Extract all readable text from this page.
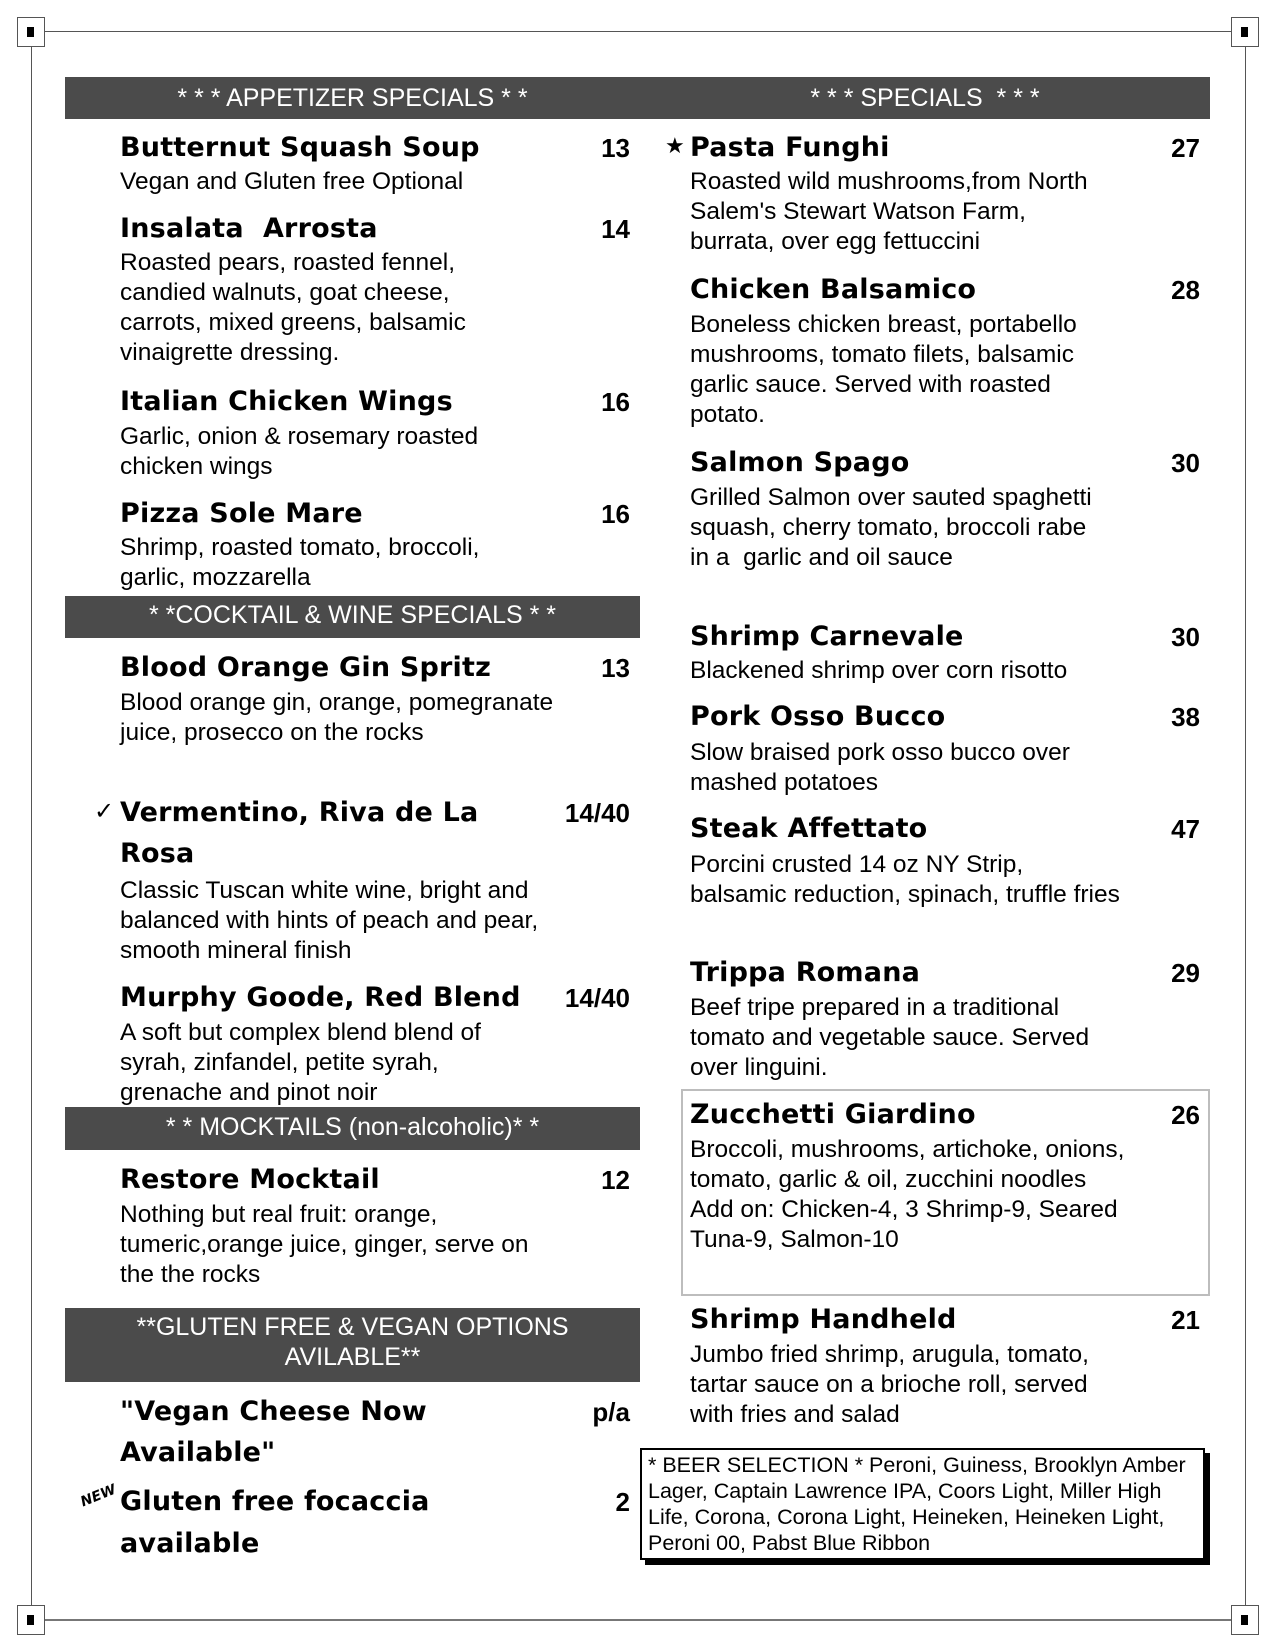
* * * APPETIZER SPECIALS * *
Butternut Squash Soup	13
Vegan and Gluten free Optional
Insalata  Arrosta	14
Roasted pears, roasted fennel, candied walnuts, goat cheese, carrots, mixed greens, balsamic vinaigrette dressing.
Italian Chicken Wings	16
Garlic, onion & rosemary roasted chicken wings
Pizza Sole Mare	16
Shrimp, roasted tomato, broccoli, garlic, mozzarella
* *COCKTAIL & WINE SPECIALS * *
Blood Orange Gin Spritz	13
Blood orange gin, orange, pomegranate juice, prosecco on the rocks
✓ Vermentino, Riva de La
Rosa
14/40
Classic Tuscan white wine, bright and balanced with hints of peach and pear, smooth mineral finish
Murphy Goode, Red Blend	14/40
A soft but complex blend blend of syrah, zinfandel, petite syrah, grenache and pinot noir
* * MOCKTAILS (non-alcoholic)* *
Restore Mocktail	12
Nothing but real fruit: orange, tumeric,orange juice, ginger, serve on the the rocks
**GLUTEN FREE & VEGAN OPTIONS
AVILABLE**
"Vegan Cheese Now
Available"
p/a
NEW Gluten free focaccia
available
2
* * * SPECIALS  * * *
★ Pasta Funghi	27
Roasted wild mushrooms,from North Salem's Stewart Watson Farm, burrata, over egg fettuccini
Chicken Balsamico	28
Boneless chicken breast, portabello mushrooms, tomato filets, balsamic garlic sauce. Served with roasted potato.
Salmon Spago	30
Grilled Salmon over sauted spaghetti squash, cherry tomato, broccoli rabe in a  garlic and oil sauce
Shrimp Carnevale	30
Blackened shrimp over corn risotto
Pork Osso Bucco	38
Slow braised pork osso bucco over mashed potatoes
Steak Affettato	47
Porcini crusted 14 oz NY Strip, balsamic reduction, spinach, truffle fries
Trippa Romana	29
Beef tripe prepared in a traditional tomato and vegetable sauce. Served over linguini.
Zucchetti Giardino	26
Broccoli, mushrooms, artichoke, onions, tomato, garlic & oil, zucchini noodles Add on: Chicken-4, 3 Shrimp-9, Seared Tuna-9, Salmon-10
Shrimp Handheld	21
Jumbo fried shrimp, arugula, tomato, tartar sauce on a brioche roll, served with fries and salad
* BEER SELECTION * Peroni, Guiness, Brooklyn Amber Lager, Captain Lawrence IPA, Coors Light, Miller High Life, Corona, Corona Light, Heineken, Heineken Light, Peroni 00, Pabst Blue Ribbon
